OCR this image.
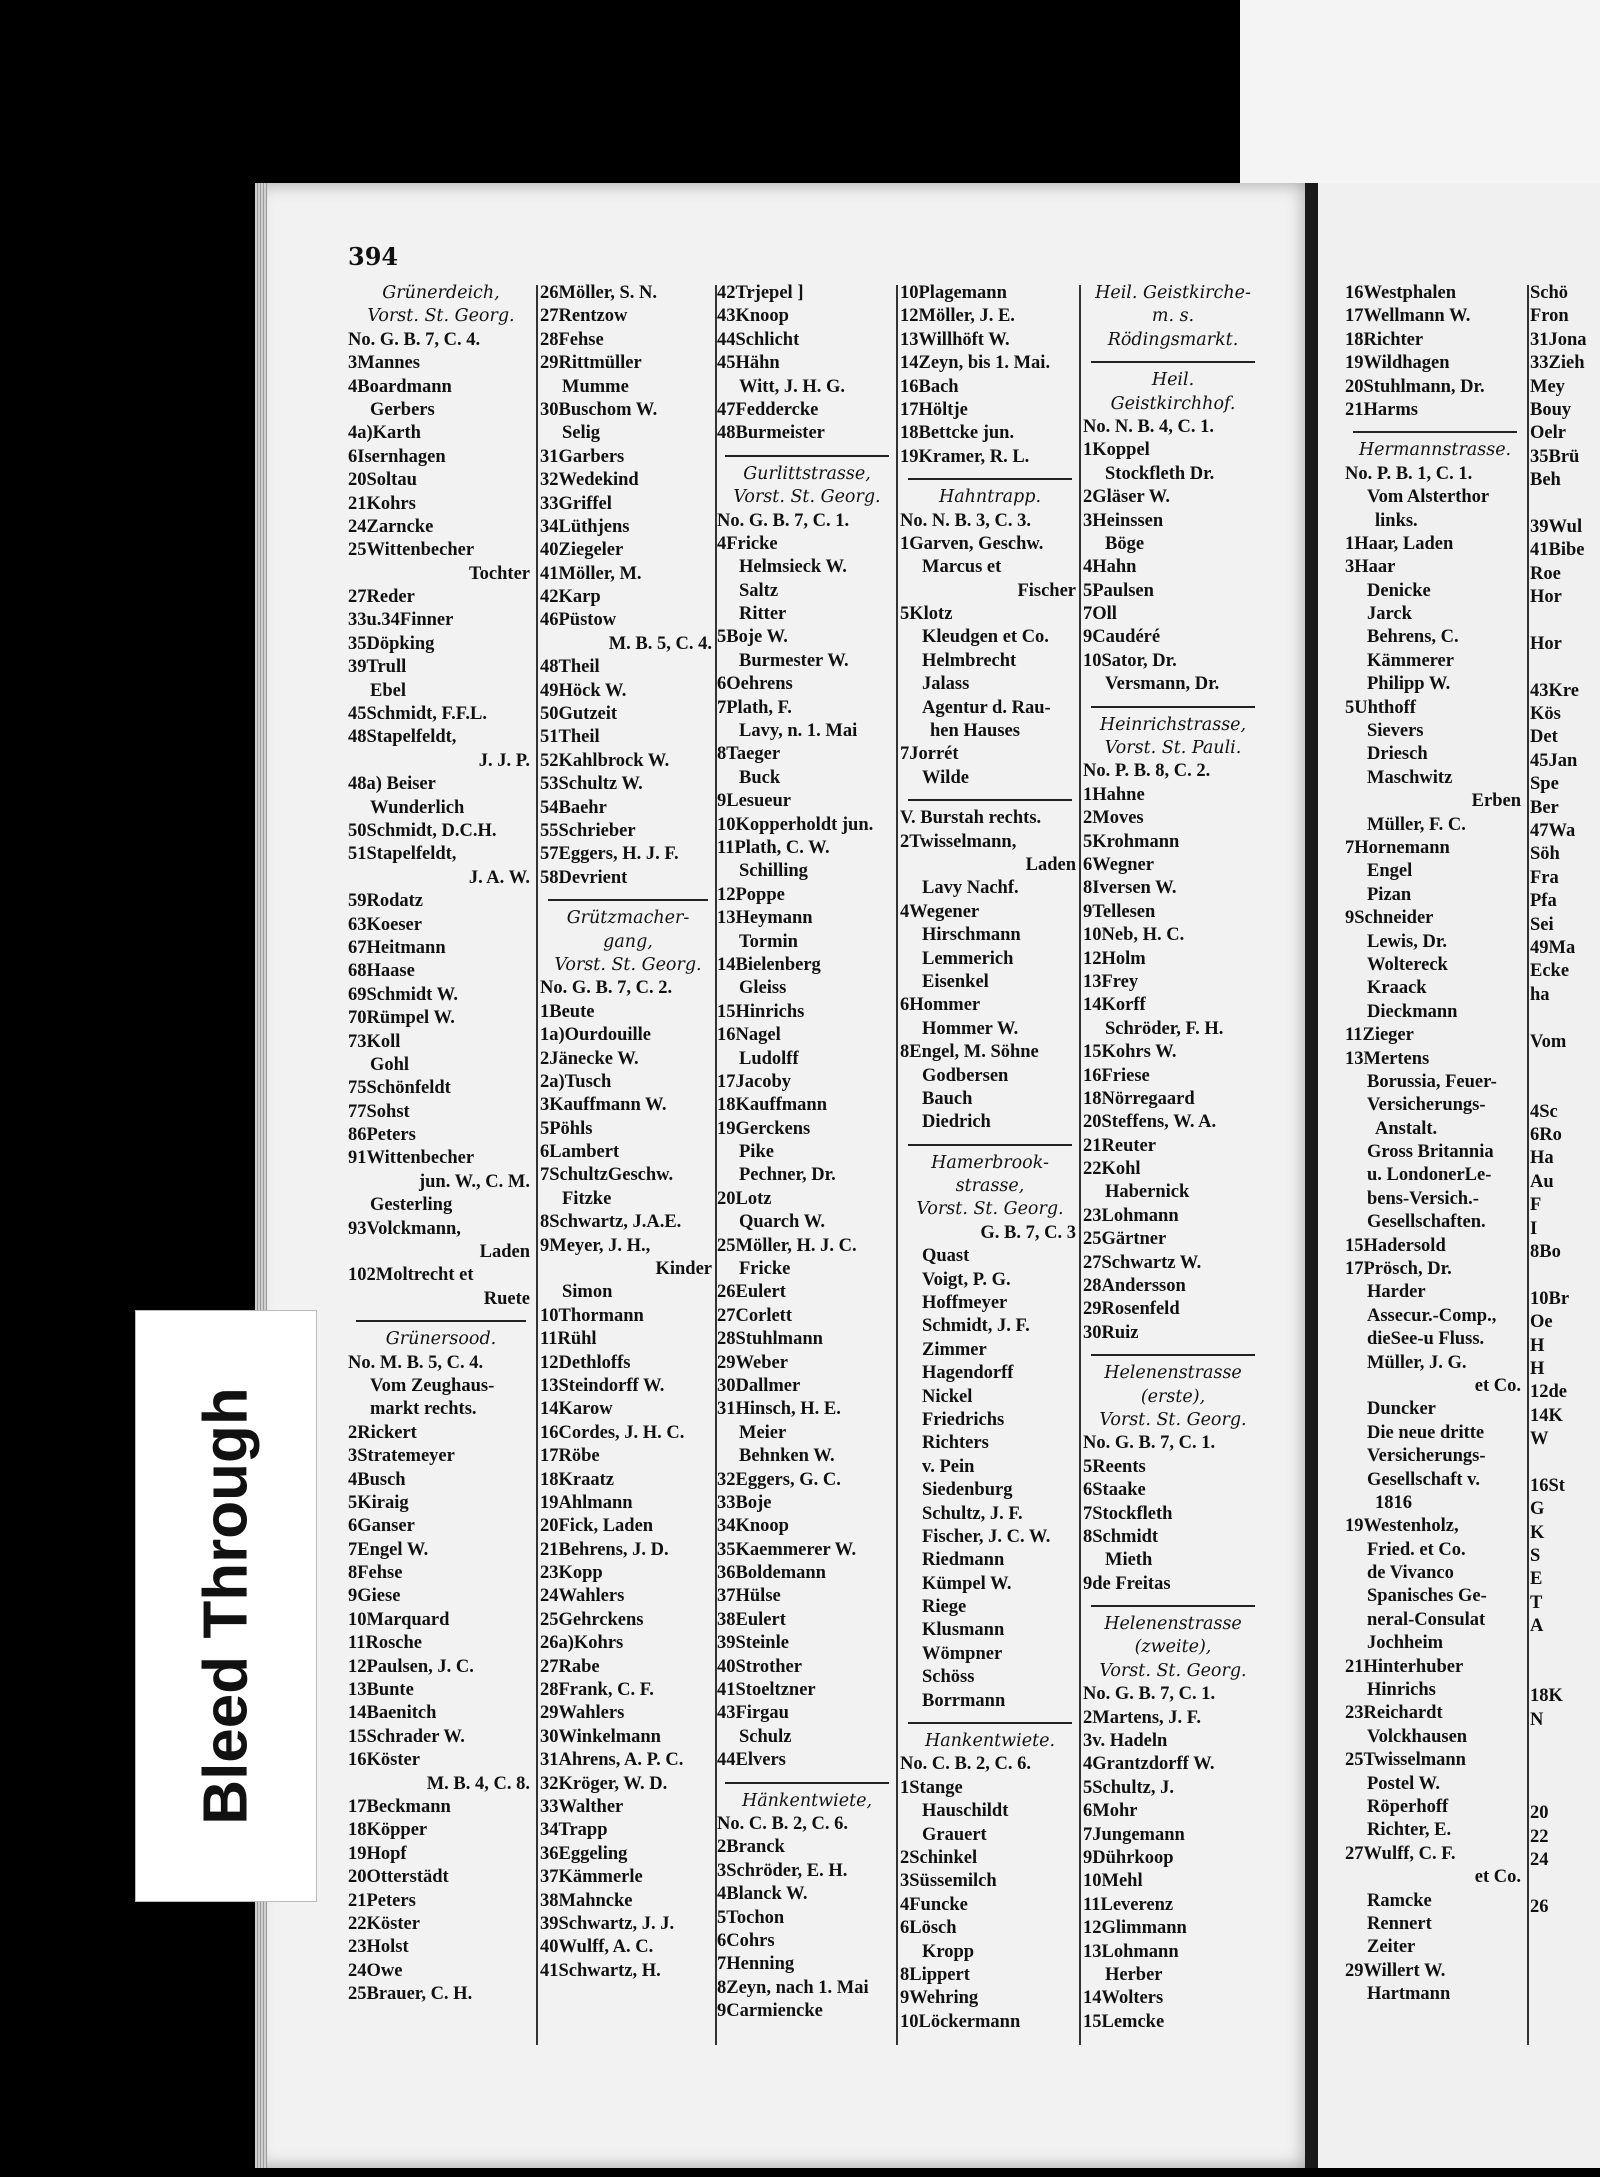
394
Grünerdeich,
Vorst. St. Georg.
No. G. B. 7, C. 4.
3Mannes
4Boardmann
Gerbers
4a)Karth
6Isernhagen
20Soltau
21Kohrs
24Zarncke
25Wittenbecher
Tochter
27Reder
33u.34Finner
35Döpking
39Trull
Ebel
45Schmidt, F.F.L.
48Stapelfeldt,
J. J. P.
48a) Beiser
Wunderlich
50Schmidt, D.C.H.
51Stapelfeldt,
J. A. W.
59Rodatz
63Koeser
67Heitmann
68Haase
69Schmidt W.
70Rümpel W.
73Koll
Gohl
75Schönfeldt
77Sohst
86Peters
91Wittenbecher
jun. W., C. M.
Gesterling
93Volckmann,
Laden
102Moltrecht et
Ruete
Grünersood.
No. M. B. 5, C. 4.
Vom Zeughaus-
markt rechts.
2Rickert
3Stratemeyer
4Busch
5Kiraig
6Ganser
7Engel W.
8Fehse
9Giese
10Marquard
11Rosche
12Paulsen, J. C.
13Bunte
14Baenitch
15Schrader W.
16Köster
M. B. 4, C. 8.
17Beckmann
18Köpper
19Hopf
20Otterstädt
21Peters
22Köster
23Holst
24Owe
25Brauer, C. H.
26Möller, S. N.
27Rentzow
28Fehse
29Rittmüller
Mumme
30Buschom W.
Selig
31Garbers
32Wedekind
33Griffel
34Lüthjens
40Ziegeler
41Möller, M.
42Karp
46Püstow
M. B. 5, C. 4.
48Theil
49Höck W.
50Gutzeit
51Theil
52Kahlbrock W.
53Schultz W.
54Baehr
55Schrieber
57Eggers, H. J. F.
58Devrient
Grützmacher-
gang,
Vorst. St. Georg.
No. G. B. 7, C. 2.
1Beute
1a)Ourdouille
2Jänecke W.
2a)Tusch
3Kauffmann W.
5Pöhls
6Lambert
7SchultzGeschw.
Fitzke
8Schwartz, J.A.E.
9Meyer, J. H.,
Kinder
Simon
10Thormann
11Rühl
12Dethloffs
13Steindorff W.
14Karow
16Cordes, J. H. C.
17Röbe
18Kraatz
19Ahlmann
20Fick, Laden
21Behrens, J. D.
23Kopp
24Wahlers
25Gehrckens
26a)Kohrs
27Rabe
28Frank, C. F.
29Wahlers
30Winkelmann
31Ahrens, A. P. C.
32Kröger, W. D.
33Walther
34Trapp
36Eggeling
37Kämmerle
38Mahncke
39Schwartz, J. J.
40Wulff, A. C.
41Schwartz, H.
42Trjepel ]
43Knoop
44Schlicht
45Hähn
Witt, J. H. G.
47Feddercke
48Burmeister
Gurlittstrasse,
Vorst. St. Georg.
No. G. B. 7, C. 1.
4Fricke
Helmsieck W.
Saltz
Ritter
5Boje W.
Burmester W.
6Oehrens
7Plath, F.
Lavy, n. 1. Mai
8Taeger
Buck
9Lesueur
10Kopperholdt jun.
11Plath, C. W.
Schilling
12Poppe
13Heymann
Tormin
14Bielenberg
Gleiss
15Hinrichs
16Nagel
Ludolff
17Jacoby
18Kauffmann
19Gerckens
Pike
Pechner, Dr.
20Lotz
Quarch W.
25Möller, H. J. C.
Fricke
26Eulert
27Corlett
28Stuhlmann
29Weber
30Dallmer
31Hinsch, H. E.
Meier
Behnken W.
32Eggers, G. C.
33Boje
34Knoop
35Kaemmerer W.
36Boldemann
37Hülse
38Eulert
39Steinle
40Strother
41Stoeltzner
43Firgau
Schulz
44Elvers
Hänkentwiete,
No. C. B. 2, C. 6.
2Branck
3Schröder, E. H.
4Blanck W.
5Tochon
6Cohrs
7Henning
8Zeyn, nach 1. Mai
9Carmiencke
10Plagemann
12Möller, J. E.
13Willhöft W.
14Zeyn, bis 1. Mai.
16Bach
17Höltje
18Bettcke jun.
19Kramer, R. L.
Hahntrapp.
No. N. B. 3, C. 3.
1Garven, Geschw.
Marcus et
Fischer
5Klotz
Kleudgen et Co.
Helmbrecht
Jalass
Agentur d. Rau-
hen Hauses
7Jorrét
Wilde
V. Burstah rechts.
2Twisselmann,
Laden
Lavy Nachf.
4Wegener
Hirschmann
Lemmerich
Eisenkel
6Hommer
Hommer W.
8Engel, M. Söhne
Godbersen
Bauch
Diedrich
Hamerbrook-
strasse,
Vorst. St. Georg.
G. B. 7, C. 3
Quast
Voigt, P. G.
Hoffmeyer
Schmidt, J. F.
Zimmer
Hagendorff
Nickel
Friedrichs
Richters
v. Pein
Siedenburg
Schultz, J. F.
Fischer, J. C. W.
Riedmann
Kümpel W.
Riege
Klusmann
Wömpner
Schöss
Borrmann
Hankentwiete.
No. C. B. 2, C. 6.
1Stange
Hauschildt
Grauert
2Schinkel
3Süssemilch
4Funcke
6Lösch
Kropp
8Lippert
9Wehring
10Löckermann
Heil. Geistkirche-
m. s.
Rödingsmarkt.
Heil.
Geistkirchhof.
No. N. B. 4, C. 1.
1Koppel
Stockfleth Dr.
2Gläser W.
3Heinssen
Böge
4Hahn
5Paulsen
7Oll
9Caudéré
10Sator, Dr.
Versmann, Dr.
Heinrichstrasse,
Vorst. St. Pauli.
No. P. B. 8, C. 2.
1Hahne
2Moves
5Krohmann
6Wegner
8Iversen W.
9Tellesen
10Neb, H. C.
12Holm
13Frey
14Korff
Schröder, F. H.
15Kohrs W.
16Friese
18Nörregaard
20Steffens, W. A.
21Reuter
22Kohl
Habernick
23Lohmann
25Gärtner
27Schwartz W.
28Andersson
29Rosenfeld
30Ruiz
Helenenstrasse
(erste),
Vorst. St. Georg.
No. G. B. 7, C. 1.
5Reents
6Staake
7Stockfleth
8Schmidt
Mieth
9de Freitas
Helenenstrasse
(zweite),
Vorst. St. Georg.
No. G. B. 7, C. 1.
2Martens, J. F.
3v. Hadeln
4Grantzdorff W.
5Schultz, J.
6Mohr
7Jungemann
9Dührkoop
10Mehl
11Leverenz
12Glimmann
13Lohmann
Herber
14Wolters
15Lemcke
16Westphalen
17Wellmann W.
18Richter
19Wildhagen
20Stuhlmann, Dr.
21Harms
Hermannstrasse.
No. P. B. 1, C. 1.
Vom Alsterthor
links.
1Haar, Laden
3Haar
Denicke
Jarck
Behrens, C.
Kämmerer
Philipp W.
5Uhthoff
Sievers
Driesch
Maschwitz
Erben
Müller, F. C.
7Hornemann
Engel
Pizan
9Schneider
Lewis, Dr.
Woltereck
Kraack
Dieckmann
11Zieger
13Mertens
Borussia, Feuer-
Versicherungs-
Anstalt.
Gross Britannia
u. LondonerLe-
bens-Versich.-
Gesellschaften.
15Hadersold
17Prösch, Dr.
Harder
Assecur.-Comp.,
dieSee-u Fluss.
Müller, J. G.
et Co.
Duncker
Die neue dritte
Versicherungs-
Gesellschaft v.
1816
19Westenholz,
Fried. et Co.
de Vivanco
Spanisches Ge-
neral-Consulat
Jochheim
21Hinterhuber
Hinrichs
23Reichardt
Volckhausen
25Twisselmann
Postel W.
Röperhoff
Richter, E.
27Wulff, C. F.
et Co.
Ramcke
Rennert
Zeiter
29Willert W.
Hartmann
Schö
Fron
31Jona
33Zieh
Mey
Bouy
Oelr
35Brü
Beh
39Wul
41Bibe
Roe
Hor
Hor
43Kre
Kös
Det
45Jan
Spe
Ber
47Wa
Söh
Fra
Pfa
Sei
49Ma
Ecke
ha
Vom
4Sc
6Ro
Ha
Au
F
I
8Bo
10Br
Oe
H
H
12de
14K
W
16St
G
K
S
E
T
A
18K
N
20
22
24
26
Bleed Through
